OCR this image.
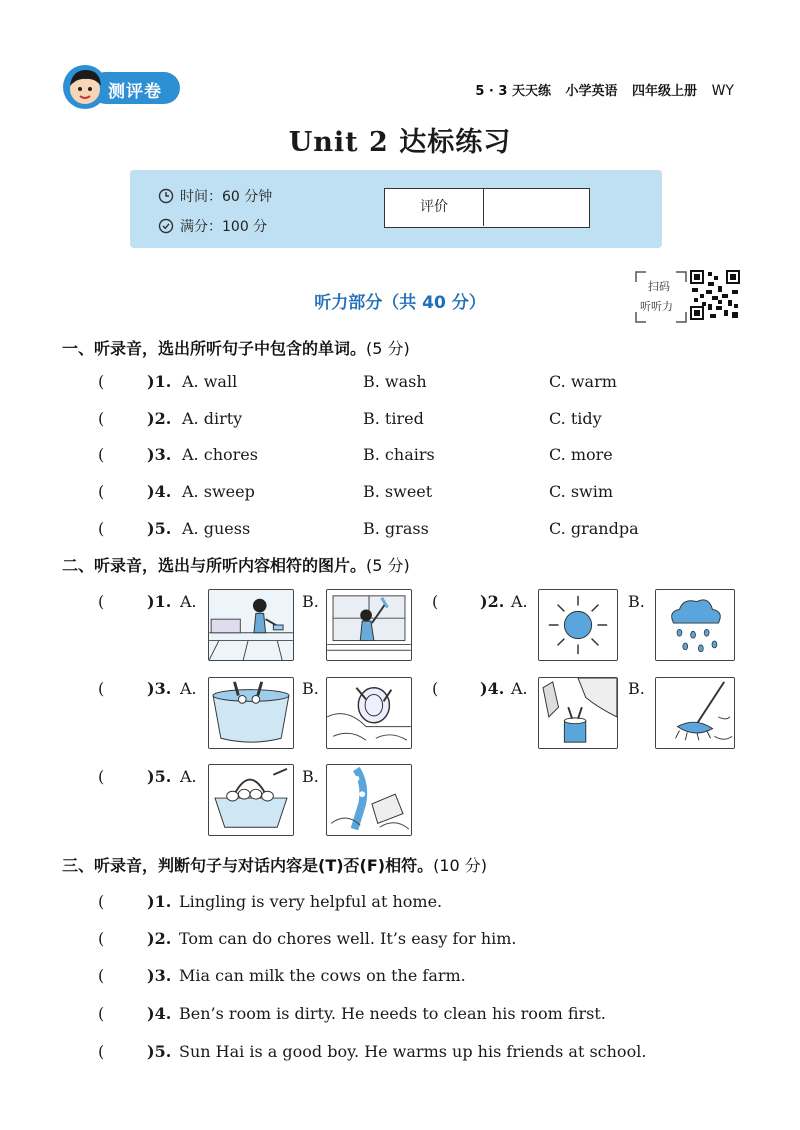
测评卷	5 · 3 天天练 小学英语 四年级上册 WY
Unit 2 达标练习
时间：60 分钟
满分：100 分
评价
听力部分（共 40 分）
扫码
听听力
一、听录音，选出所听句子中包含的单词。(5 分)
(	)1. A. wall	B. wash	C. warm
(	)2. A. dirty	B. tired	C. tidy
(	)3. A. chores	B. chairs	C. more
(	)4. A. sweep	B. sweet	C. swim
(	)5. A. guess	B. grass	C. grandpa
二、听录音，选出与所听内容相符的图片。(5 分)
(	)1. A.	B.	(	)2. A.	B.
(	)3. A.	B.	(	)4. A.	B.
(	)5. A.	B.
三、听录音，判断句子与对话内容是(T)否(F)相符。(10 分)
(	)1. Lingling is very helpful at home.
(	)2. Tom can do chores well. It’s easy for him.
(	)3. Mia can milk the cows on the farm.
(	)4. Ben’s room is dirty. He needs to clean his room first.
(	)5. Sun Hai is a good boy. He warms up his friends at school.
